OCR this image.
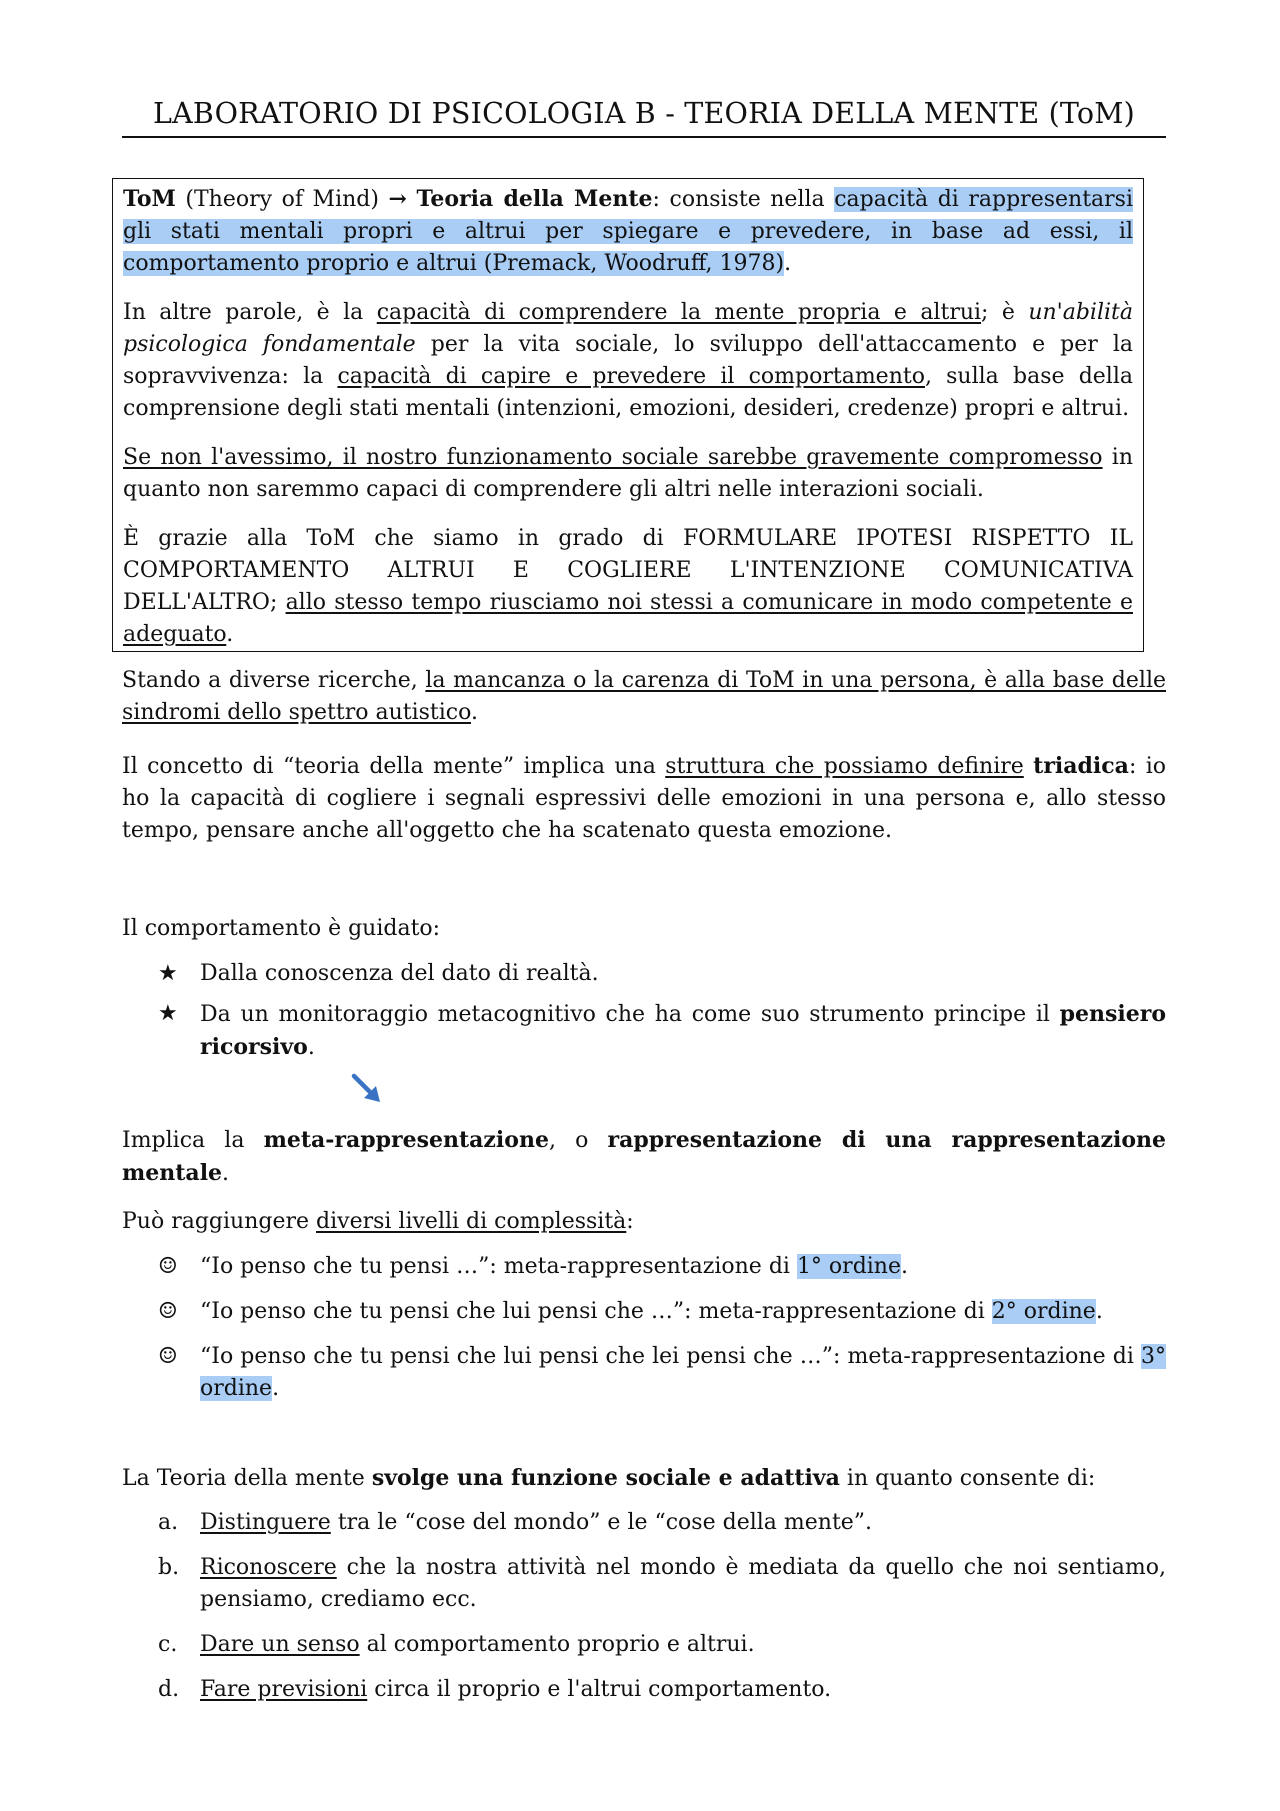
LABORATORIO DI PSICOLOGIA B - TEORIA DELLA MENTE (ToM)

ToM (Theory of Mind) → Teoria della Mente: consiste nella capacità di rappresentarsi gli stati mentali propri e altrui per spiegare e prevedere, in base ad essi, il comportamento proprio e altrui (Premack, Woodruff, 1978).

In altre parole, è la capacità di comprendere la mente propria e altrui; è un'abilità psicologica fondamentale per la vita sociale, lo sviluppo dell'attaccamento e per la sopravvivenza: la capacità di capire e prevedere il comportamento, sulla base della comprensione degli stati mentali (intenzioni, emozioni, desideri, credenze) propri e altrui.

Se non l'avessimo, il nostro funzionamento sociale sarebbe gravemente compromesso in quanto non saremmo capaci di comprendere gli altri nelle interazioni sociali.

È grazie alla ToM che siamo in grado di FORMULARE IPOTESI RISPETTO IL COMPORTAMENTO ALTRUI E COGLIERE L'INTENZIONE COMUNICATIVA DELL'ALTRO; allo stesso tempo riusciamo noi stessi a comunicare in modo competente e adeguato.

Stando a diverse ricerche, la mancanza o la carenza di ToM in una persona, è alla base delle sindromi dello spettro autistico.

Il concetto di “teoria della mente” implica una struttura che possiamo definire triadica: io ho la capacità di cogliere i segnali espressivi delle emozioni in una persona e, allo stesso tempo, pensare anche all'oggetto che ha scatenato questa emozione.

Il comportamento è guidato:

★	Dalla conoscenza del dato di realtà.
★	Da un monitoraggio metacognitivo che ha come suo strumento principe il pensiero ricorsivo.

Implica la meta-rappresentazione, o rappresentazione di una rappresentazione mentale.

Può raggiungere diversi livelli di complessità:

☺	“Io penso che tu pensi …”: meta-rappresentazione di 1° ordine.
☺	“Io penso che tu pensi che lui pensi che …”: meta-rappresentazione di 2° ordine.
☺	“Io penso che tu pensi che lui pensi che lei pensi che …”: meta-rappresentazione di 3° ordine.

La Teoria della mente svolge una funzione sociale e adattiva in quanto consente di:

a. Distinguere tra le “cose del mondo” e le “cose della mente”.
b. Riconoscere che la nostra attività nel mondo è mediata da quello che noi sentiamo, pensiamo, crediamo ecc.
c.	Dare un senso al comportamento proprio e altrui.
d. Fare previsioni circa il proprio e l'altrui comportamento.
